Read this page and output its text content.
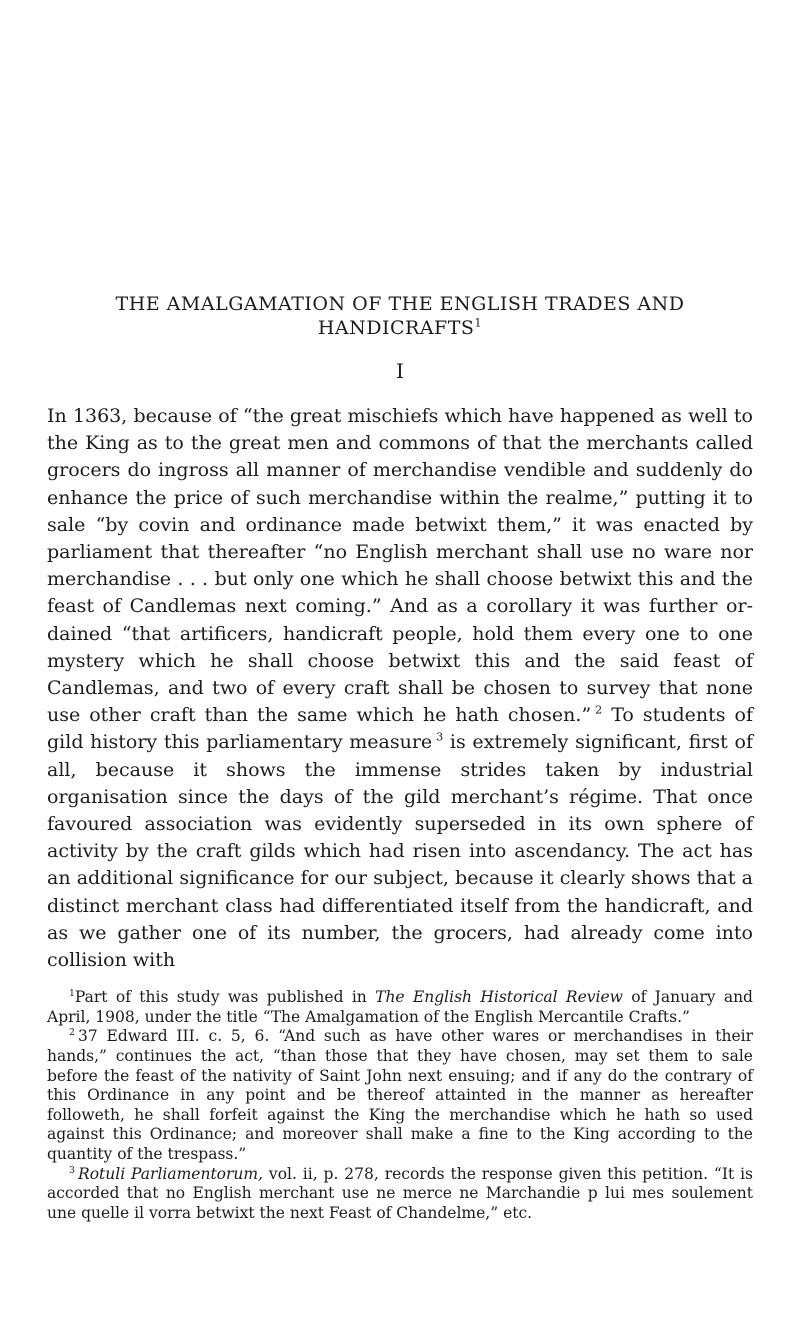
THE AMALGAMATION OF THE ENGLISH TRADES AND
HANDICRAFTS$^1$
I

In 1363, because of “the great mischiefs which have happened as well to the King as to the great men and commons of that the merchants called grocers do ingross all manner of merchandise vendible and suddenly do enhance the price of such merchandise within the realme,” putting it to sale “by covin and ordinance made betwixt them,” it was enacted by parliament that thereafter “no English merchant shall use no ware nor merchandise . . . but only one which he shall choose betwixt this and the feast of Candlemas next coming.” And as a corollary it was further ordained “that artificers, handicraft people, hold them every one to one mystery which he shall choose betwixt this and the said feast of Candlemas, and two of every craft shall be chosen to survey that none use other craft than the same which he hath chosen.”  $^2$ To students of gild history this parliamentary measure  $^3$ is extremely significant, first of all, because it shows the immense strides taken by industrial organisation since the days of the gild merchant’s régime. That once favoured association was evidently superseded in its own sphere of activity by the craft gilds which had risen into ascendancy. The act has an additional significance for our subject, because it clearly shows that a distinct merchant class had differentiated itself from the handicraft, and as we gather one of its number, the grocers, had already come into collision with

$^1$Part of this study was published in The English Historical Review of January and April, 1908, under the title “The Amalgamation of the English Mercantile Crafts.”

$^2$  37 Edward III. c. 5, 6. “And such as have other wares or merchandises in their hands,” continues the act, “than those that they have chosen, may set them to sale before the feast of the nativity of Saint John next ensuing; and if any do the contrary of this Ordinance in any point and be thereof attainted in the manner as hereafter followeth, he shall forfeit against the King the merchandise which he hath so used against this Ordinance; and moreover shall make a fine to the King according to the quantity of the trespass.”

$^3$  Rotuli Parliamentorum, vol. ii, p. 278, records the response given this petition. “It is accorded that no English merchant use ne merce ne Marchandie p lui mes soulement une quelle il vorra betwixt the next Feast of Chandelme,” etc.
